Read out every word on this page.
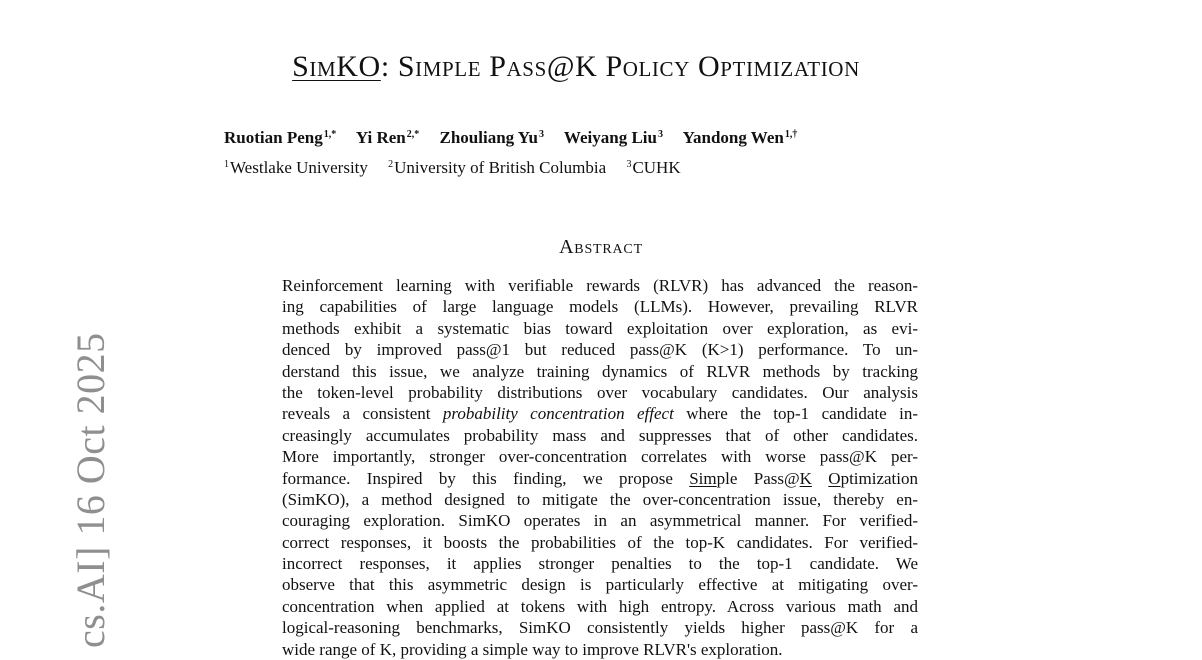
cs.AI] 16 Oct 2025
SimKO: Simple Pass@K Policy Optimization
Ruotian Peng$^{1,*}$ Yi Ren$^{2,*}$ Zhouliang Yu$^3$ Weiyang Liu$^3$ Yandong Wen$^{1,\dagger}$
$^1$Westlake University $^2$University of British Columbia $^3$CUHK
Abstract
Reinforcement learning with verifiable rewards (RLVR) has advanced the reason-
ing capabilities of large language models (LLMs). However, prevailing RLVR
methods exhibit a systematic bias toward exploitation over exploration, as evi-
denced by improved pass@1 but reduced pass@K (K>1) performance. To un-
derstand this issue, we analyze training dynamics of RLVR methods by tracking
the token-level probability distributions over vocabulary candidates. Our analysis
reveals a consistent probability concentration effect where the top-1 candidate in-
creasingly accumulates probability mass and suppresses that of other candidates.
More importantly, stronger over-concentration correlates with worse pass@K per-
formance. Inspired by this finding, we propose Simple Pass@K Optimization
(SimKO), a method designed to mitigate the over-concentration issue, thereby en-
couraging exploration. SimKO operates in an asymmetrical manner. For verified-
correct responses, it boosts the probabilities of the top-K candidates. For verified-
incorrect responses, it applies stronger penalties to the top-1 candidate. We
observe that this asymmetric design is particularly effective at mitigating over-
concentration when applied at tokens with high entropy. Across various math and
logical-reasoning benchmarks, SimKO consistently yields higher pass@K for a
wide range of K, providing a simple way to improve RLVR's exploration.
